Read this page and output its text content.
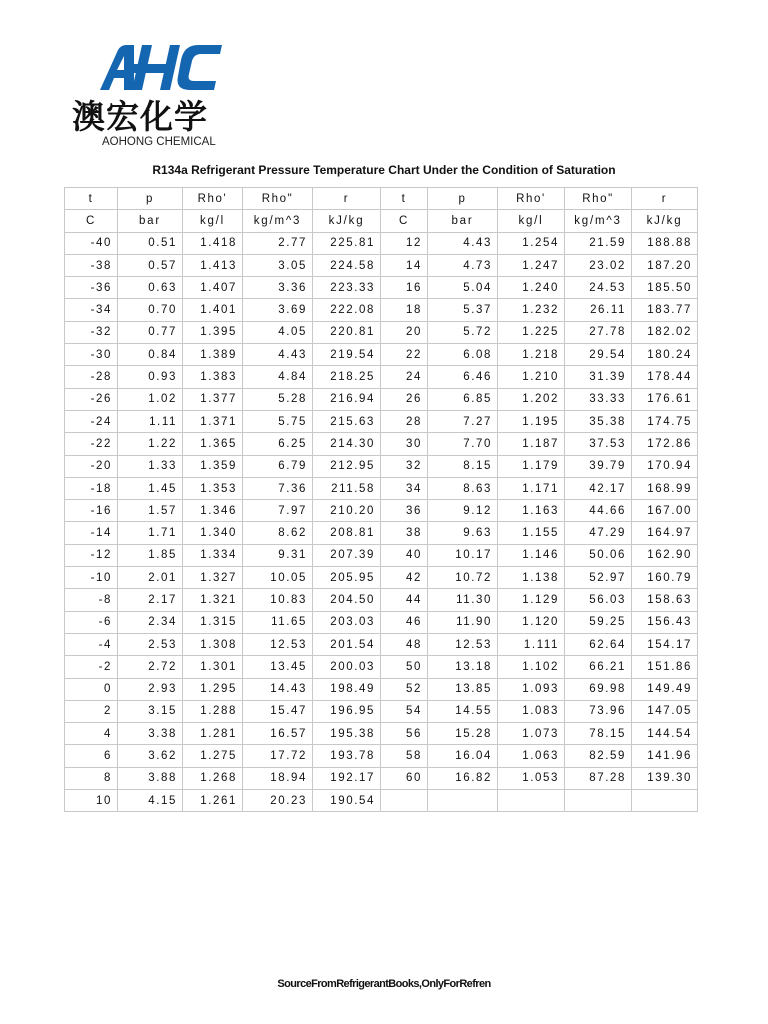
澳宏化学
AOHONG CHEMICAL
R134a Refrigerant Pressure Temperature Chart Under the Condition of Saturation
t	p	Rho'	Rho"	r	t	p	Rho'	Rho"	r
C	bar	kg/l	kg/m^3	kJ/kg	C	bar	kg/l	kg/m^3	kJ/kg
-40	0.51	1.418	2.77	225.81	12	4.43	1.254	21.59	188.88
-38	0.57	1.413	3.05	224.58	14	4.73	1.247	23.02	187.20
-36	0.63	1.407	3.36	223.33	16	5.04	1.240	24.53	185.50
-34	0.70	1.401	3.69	222.08	18	5.37	1.232	26.11	183.77
-32	0.77	1.395	4.05	220.81	20	5.72	1.225	27.78	182.02
-30	0.84	1.389	4.43	219.54	22	6.08	1.218	29.54	180.24
-28	0.93	1.383	4.84	218.25	24	6.46	1.210	31.39	178.44
-26	1.02	1.377	5.28	216.94	26	6.85	1.202	33.33	176.61
-24	1.11	1.371	5.75	215.63	28	7.27	1.195	35.38	174.75
-22	1.22	1.365	6.25	214.30	30	7.70	1.187	37.53	172.86
-20	1.33	1.359	6.79	212.95	32	8.15	1.179	39.79	170.94
-18	1.45	1.353	7.36	211.58	34	8.63	1.171	42.17	168.99
-16	1.57	1.346	7.97	210.20	36	9.12	1.163	44.66	167.00
-14	1.71	1.340	8.62	208.81	38	9.63	1.155	47.29	164.97
-12	1.85	1.334	9.31	207.39	40	10.17	1.146	50.06	162.90
-10	2.01	1.327	10.05	205.95	42	10.72	1.138	52.97	160.79
-8	2.17	1.321	10.83	204.50	44	11.30	1.129	56.03	158.63
-6	2.34	1.315	11.65	203.03	46	11.90	1.120	59.25	156.43
-4	2.53	1.308	12.53	201.54	48	12.53	1.111	62.64	154.17
-2	2.72	1.301	13.45	200.03	50	13.18	1.102	66.21	151.86
0	2.93	1.295	14.43	198.49	52	13.85	1.093	69.98	149.49
2	3.15	1.288	15.47	196.95	54	14.55	1.083	73.96	147.05
4	3.38	1.281	16.57	195.38	56	15.28	1.073	78.15	144.54
6	3.62	1.275	17.72	193.78	58	16.04	1.063	82.59	141.96
8	3.88	1.268	18.94	192.17	60	16.82	1.053	87.28	139.30
10	4.15	1.261	20.23	190.54					
SourceFromRefrigerantBooks,OnlyForRefren
